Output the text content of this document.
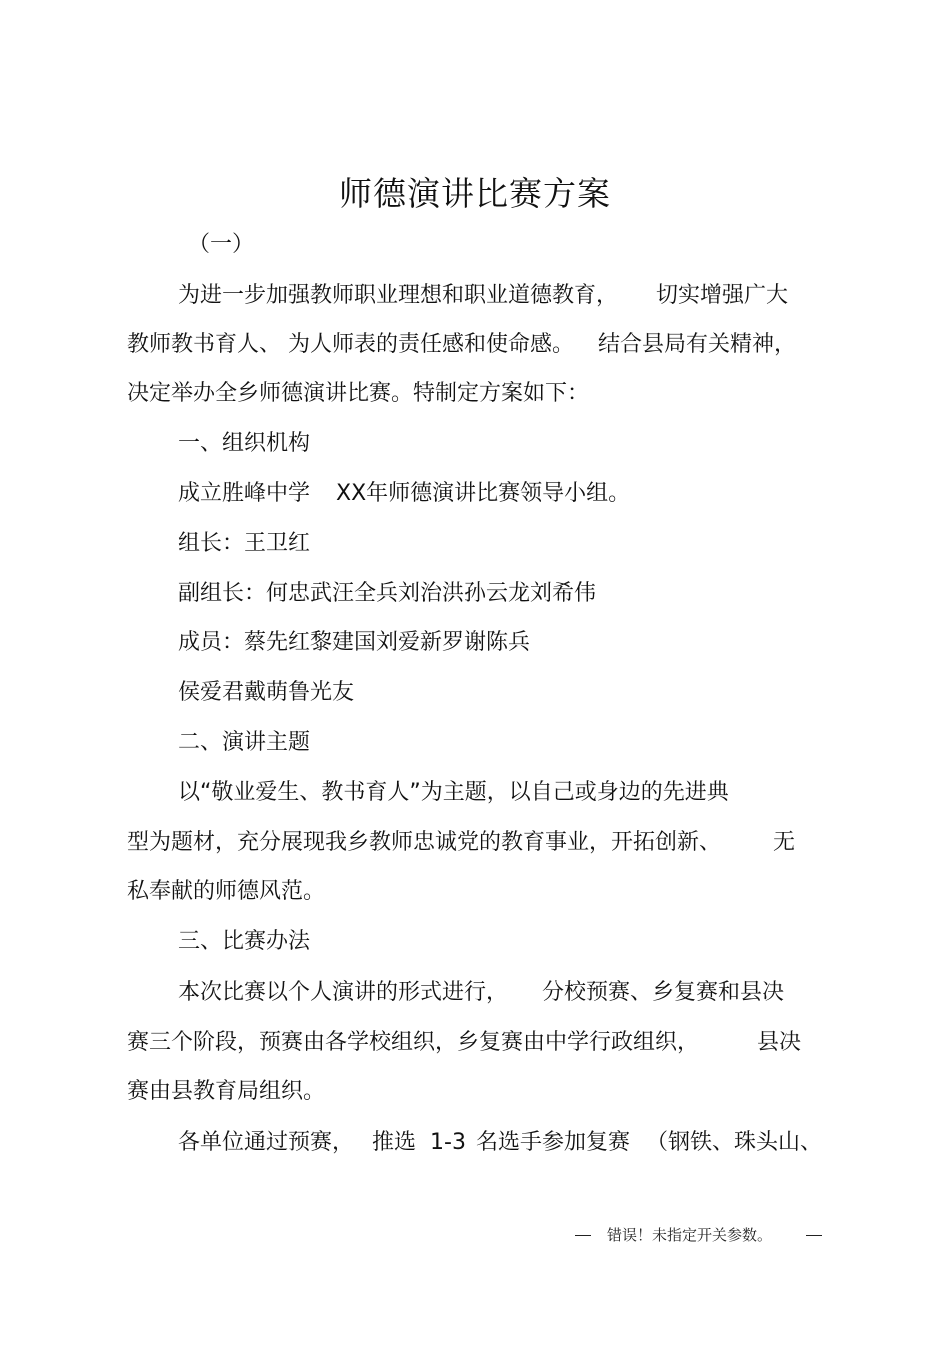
师德演讲比赛方案
（一）
为进一步加强教师职业理想和职业道德教育， 切实增强广大
教师教书育人、 为人师表的责任感和使命感。 结合县局有关精神，
决定举办全乡师德演讲比赛。特制定方案如下：
一、组织机构
成立胜峰中学 XX年师德演讲比赛领导小组。
组长：王卫红
副组长：何忠武汪全兵刘治洪孙云龙刘希伟
成员：蔡先红黎建国刘爱新罗谢陈兵
侯爱君戴萌鲁光友
二、演讲主题
以“敬业爱生、教书育人”为主题，以自己或身边的先进典
型为题材，充分展现我乡教师忠诚党的教育事业，开拓创新、 无
私奉献的师德风范。
三、比赛办法
本次比赛以个人演讲的形式进行， 分校预赛、乡复赛和县决
赛三个阶段，预赛由各学校组织，乡复赛由中学行政组织，	县决
赛由县教育局组织。
各单位通过预赛， 推选 1-3 名选手参加复赛 （钢铁、珠头山、
错误！未指定开关参数。
